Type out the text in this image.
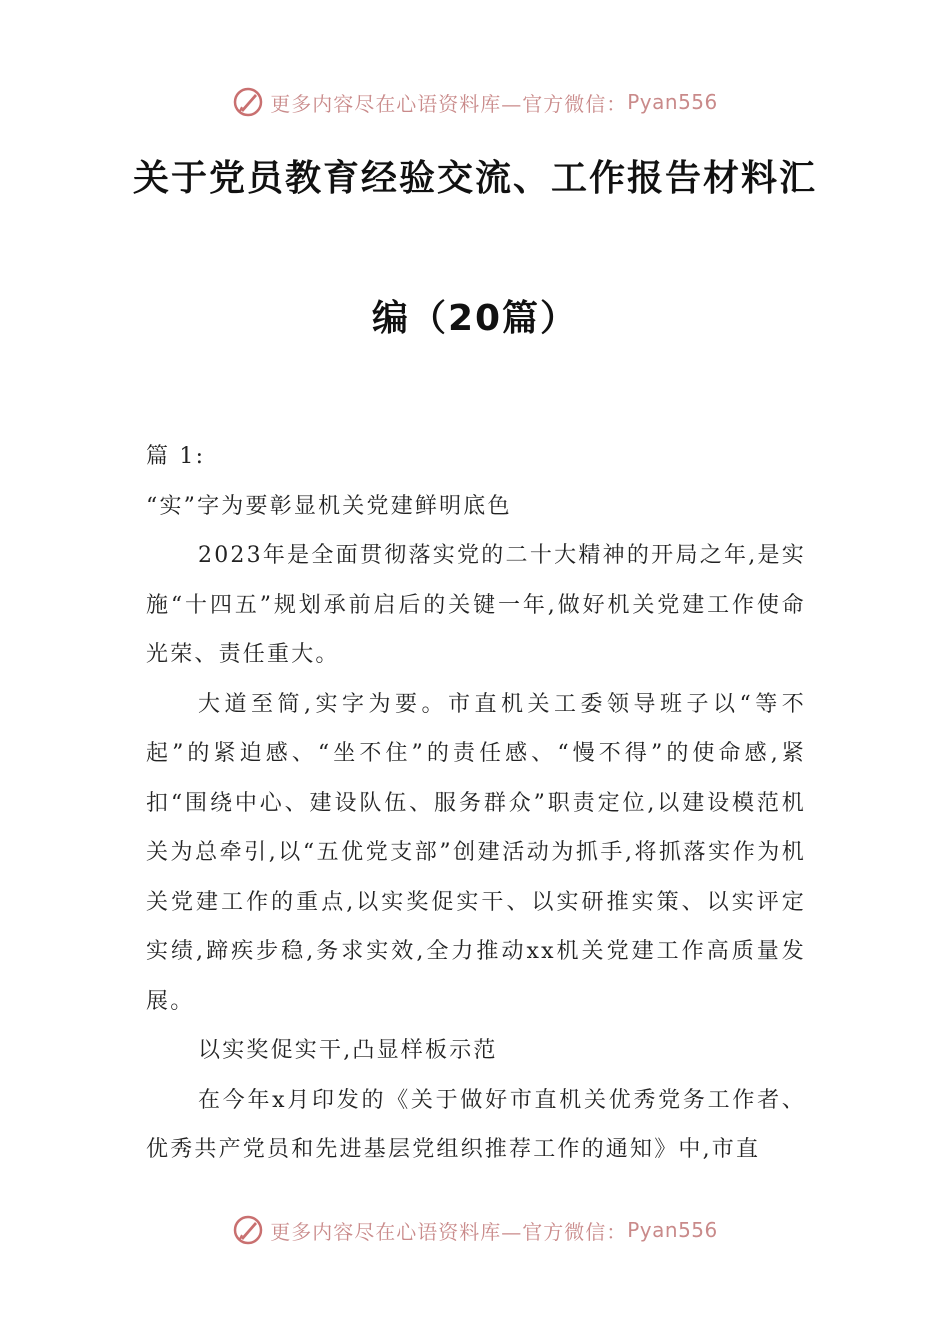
更多内容尽在心语资料库—官方微信： Pyan556
关于党员教育经验交流、工作报告材料汇
编（20篇）

篇 1:

“实”字为要彰显机关党建鲜明底色

2023年是全面贯彻落实党的二十大精神的开局之年,是实施“十四五”规划承前启后的关键一年,做好机关党建工作使命光荣、责任重大。

大道至简,实字为要。市直机关工委领导班子以“等不起”的紧迫感、“坐不住”的责任感、“慢不得”的使命感,紧扣“围绕中心、建设队伍、服务群众”职责定位,以建设模范机关为总牵引,以“五优党支部”创建活动为抓手,将抓落实作为机关党建工作的重点,以实奖促实干、以实研推实策、以实评定实绩,蹄疾步稳,务求实效,全力推动xx机关党建工作高质量发展。

以实奖促实干,凸显样板示范

在今年x月印发的《关于做好市直机关优秀党务工作者、优秀共产党员和先进基层党组织推荐工作的通知》中,市直

更多内容尽在心语资料库—官方微信： Pyan556
